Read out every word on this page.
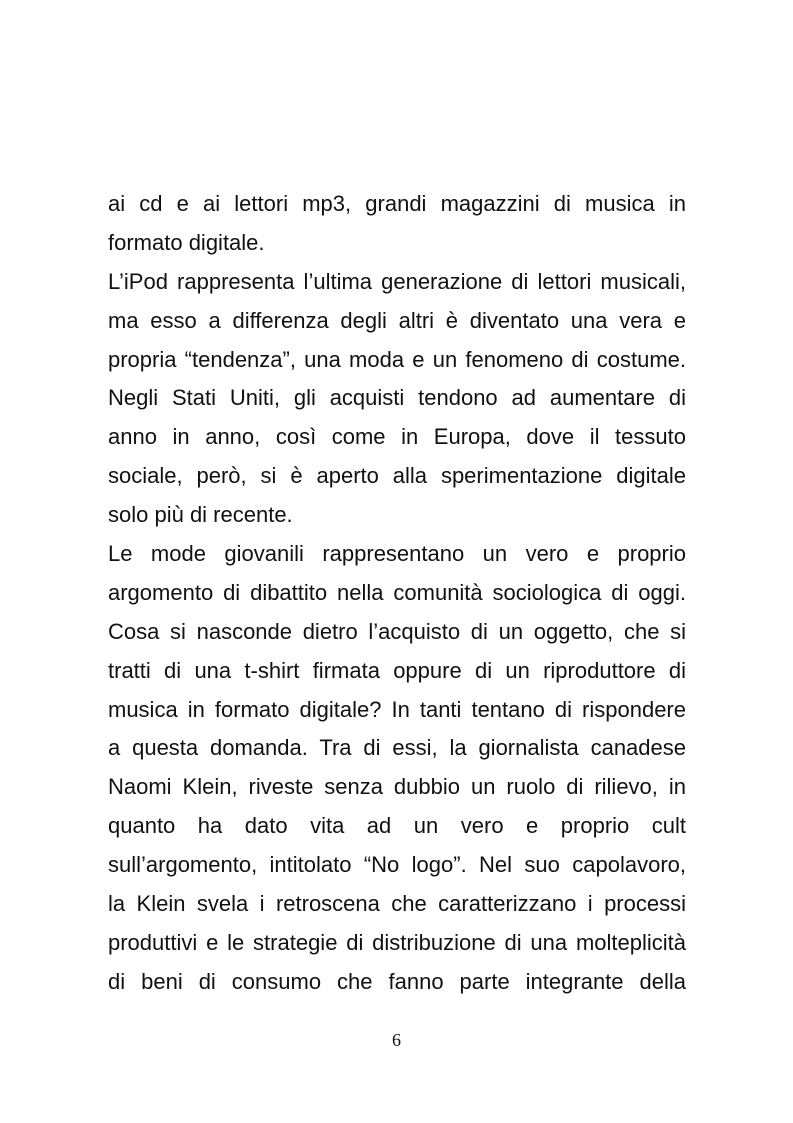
ai cd e ai lettori mp3, grandi magazzini di musica in
formato digitale.
L’iPod rappresenta l’ultima generazione di lettori musicali,
ma esso a differenza degli altri è diventato una vera e
propria “tendenza”, una moda e un fenomeno di costume.
Negli Stati Uniti, gli acquisti tendono ad aumentare di
anno in anno, così come in Europa, dove il tessuto
sociale, però, si è aperto alla sperimentazione digitale
solo più di recente.
Le mode giovanili rappresentano un vero e proprio
argomento di dibattito nella comunità sociologica di oggi.
Cosa si nasconde dietro l’acquisto di un oggetto, che si
tratti di una t-shirt firmata oppure di un riproduttore di
musica in formato digitale? In tanti tentano di rispondere
a questa domanda. Tra di essi, la giornalista canadese
Naomi Klein, riveste senza dubbio un ruolo di rilievo, in
quanto ha dato vita ad un vero e proprio cult
sull’argomento, intitolato “No logo”. Nel suo capolavoro,
la Klein svela i retroscena che caratterizzano i processi
produttivi e le strategie di distribuzione di una molteplicità
di beni di consumo che fanno parte integrante della
6
